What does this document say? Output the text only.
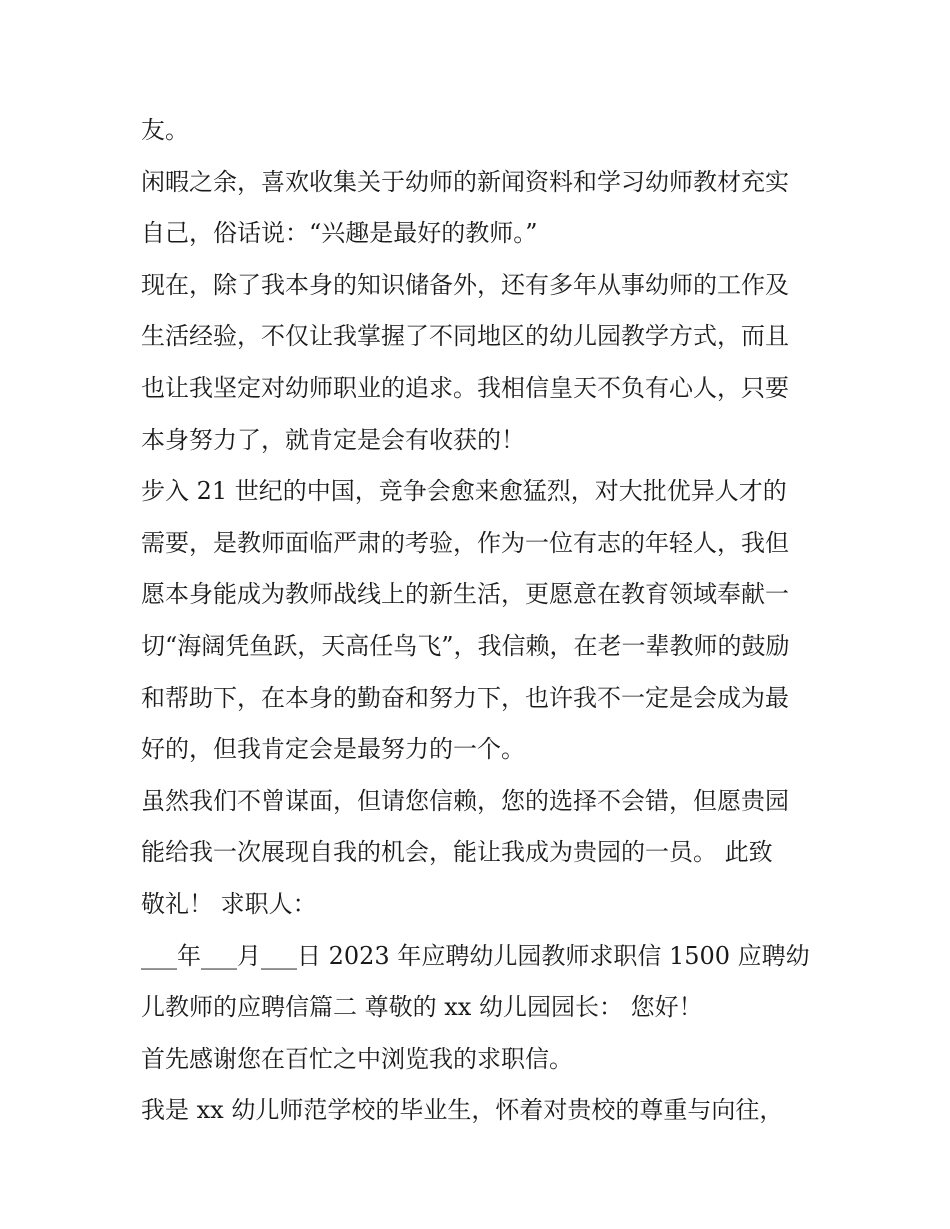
友。
闲暇之余，喜欢收集关于幼师的新闻资料和学习幼师教材充实
自己，俗话说：“兴趣是最好的教师。”
现在，除了我本身的知识储备外，还有多年从事幼师的工作及
生活经验，不仅让我掌握了不同地区的幼儿园教学方式，而且
也让我坚定对幼师职业的追求。我相信皇天不负有心人，只要
本身努力了，就肯定是会有收获的！
步入 21 世纪的中国，竞争会愈来愈猛烈，对大批优异人才的
需要，是教师面临严肃的考验，作为一位有志的年轻人，我但
愿本身能成为教师战线上的新生活，更愿意在教育领域奉献一
切“海阔凭鱼跃，天高任鸟飞”，我信赖，在老一辈教师的鼓励
和帮助下，在本身的勤奋和努力下，也许我不一定是会成为最
好的，但我肯定会是最努力的一个。
虽然我们不曾谋面，但请您信赖，您的选择不会错，但愿贵园
能给我一次展现自我的机会，能让我成为贵园的一员。 此致
敬礼！ 求职人：
___年___月___日 2023 年应聘幼儿园教师求职信 1500 应聘幼
儿教师的应聘信篇二 尊敬的 xx 幼儿园园长： 您好！
首先感谢您在百忙之中浏览我的求职信。
我是 xx 幼儿师范学校的毕业生，怀着对贵校的尊重与向往，
